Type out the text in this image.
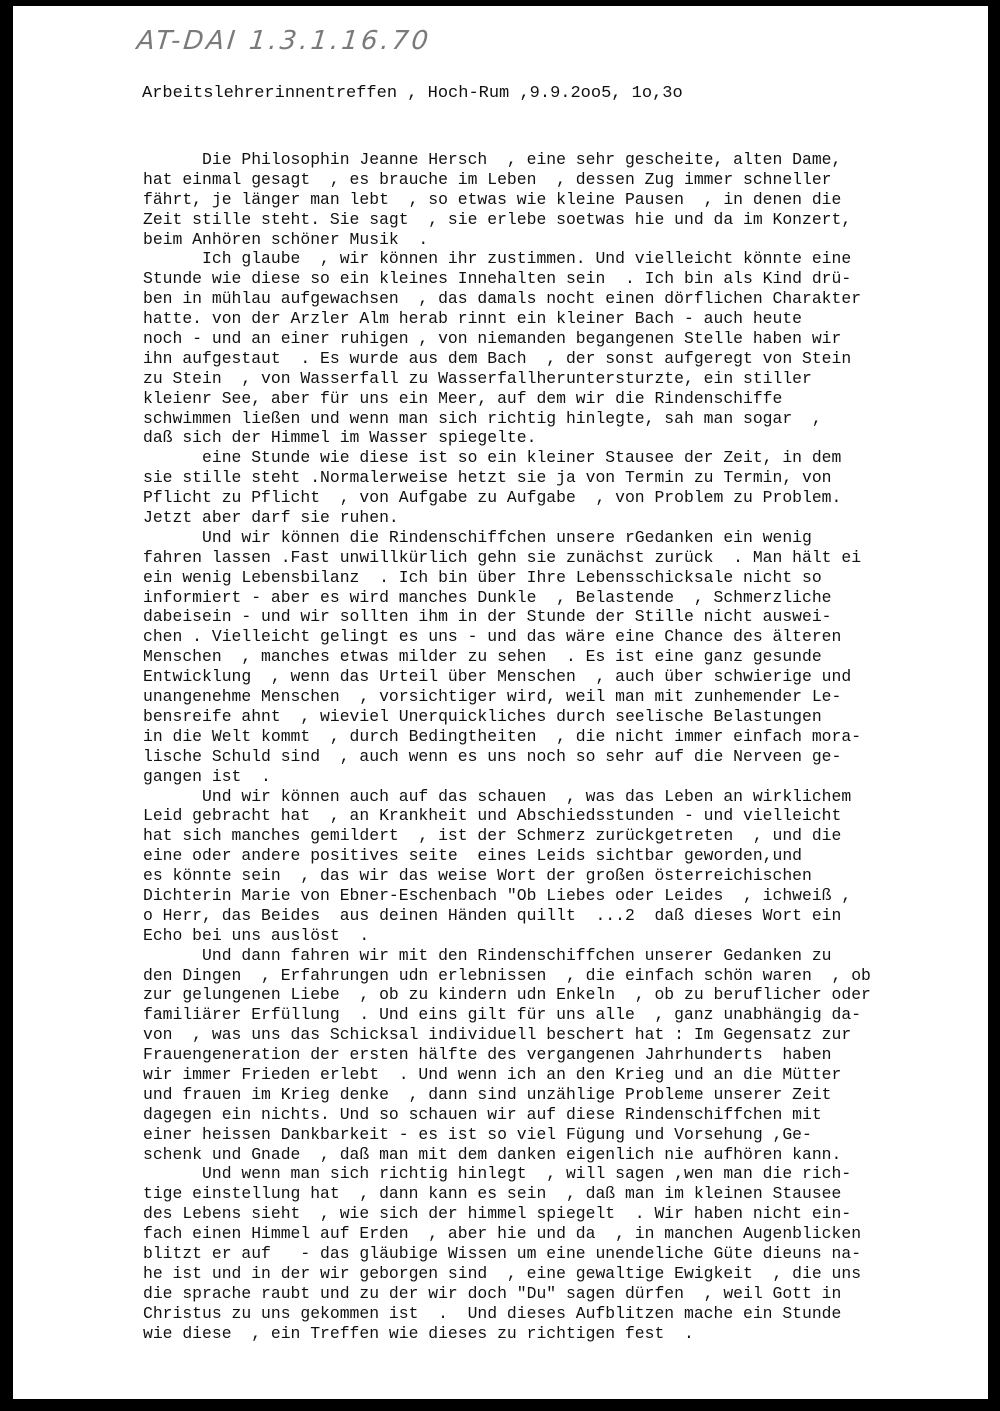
AT-DAI 1.3.1.16.70
Arbeitslehrerinnentreffen , Hoch-Rum ,9.9.2oo5, 1o,3o
Die Philosophin Jeanne Hersch  , eine sehr gescheite, alten Dame,
hat einmal gesagt  , es brauche im Leben  , dessen Zug immer schneller
fährt, je länger man lebt  , so etwas wie kleine Pausen  , in denen die
Zeit stille steht. Sie sagt  , sie erlebe soetwas hie und da im Konzert,
beim Anhören schöner Musik  .
Ich glaube  , wir können ihr zustimmen. Und vielleicht könnte eine
Stunde wie diese so ein kleines Innehalten sein  . Ich bin als Kind drü-
ben in mühlau aufgewachsen  , das damals nocht einen dörflichen Charakter
hatte. von der Arzler Alm herab rinnt ein kleiner Bach - auch heute
noch - und an einer ruhigen , von niemanden begangenen Stelle haben wir
ihn aufgestaut  . Es wurde aus dem Bach  , der sonst aufgeregt von Stein
zu Stein  , von Wasserfall zu Wasserfallheruntersturzte, ein stiller
kleienr See, aber für uns ein Meer, auf dem wir die Rindenschiffe
schwimmen ließen und wenn man sich richtig hinlegte, sah man sogar  ,
daß sich der Himmel im Wasser spiegelte.
eine Stunde wie diese ist so ein kleiner Stausee der Zeit, in dem
sie stille steht .Normalerweise hetzt sie ja von Termin zu Termin, von
Pflicht zu Pflicht  , von Aufgabe zu Aufgabe  , von Problem zu Problem.
Jetzt aber darf sie ruhen.
Und wir können die Rindenschiffchen unsere rGedanken ein wenig
fahren lassen .Fast unwillkürlich gehn sie zunächst zurück  . Man hält ei
ein wenig Lebensbilanz  . Ich bin über Ihre Lebensschicksale nicht so
informiert - aber es wird manches Dunkle  , Belastende  , Schmerzliche
dabeisein - und wir sollten ihm in der Stunde der Stille nicht auswei-
chen . Vielleicht gelingt es uns - und das wäre eine Chance des älteren
Menschen  , manches etwas milder zu sehen  . Es ist eine ganz gesunde
Entwicklung  , wenn das Urteil über Menschen  , auch über schwierige und
unangenehme Menschen  , vorsichtiger wird, weil man mit zunhemender Le-
bensreife ahnt  , wieviel Unerquickliches durch seelische Belastungen
in die Welt kommt  , durch Bedingtheiten  , die nicht immer einfach mora-
lische Schuld sind  , auch wenn es uns noch so sehr auf die Nerveen ge-
gangen ist  .
Und wir können auch auf das schauen  , was das Leben an wirklichem
Leid gebracht hat  , an Krankheit und Abschiedsstunden - und vielleicht
hat sich manches gemildert  , ist der Schmerz zurückgetreten  , und die
eine oder andere positives seite  eines Leids sichtbar geworden,und
es könnte sein  , das wir das weise Wort der großen österreichischen
Dichterin Marie von Ebner-Eschenbach "Ob Liebes oder Leides  , ichweiß ,
o Herr, das Beides  aus deinen Händen quillt  ...2  daß dieses Wort ein
Echo bei uns auslöst  .
Und dann fahren wir mit den Rindenschiffchen unserer Gedanken zu
den Dingen  , Erfahrungen udn erlebnissen  , die einfach schön waren  , ob
zur gelungenen Liebe  , ob zu kindern udn Enkeln  , ob zu beruflicher oder
familiärer Erfüllung  . Und eins gilt für uns alle  , ganz unabhängig da-
von  , was uns das Schicksal individuell beschert hat : Im Gegensatz zur
Frauengeneration der ersten hälfte des vergangenen Jahrhunderts  haben
wir immer Frieden erlebt  . Und wenn ich an den Krieg und an die Mütter
und frauen im Krieg denke  , dann sind unzählige Probleme unserer Zeit
dagegen ein nichts. Und so schauen wir auf diese Rindenschiffchen mit
einer heissen Dankbarkeit - es ist so viel Fügung und Vorsehung ,Ge-
schenk und Gnade  , daß man mit dem danken eigenlich nie aufhören kann.
Und wenn man sich richtig hinlegt  , will sagen ,wen man die rich-
tige einstellung hat  , dann kann es sein  , daß man im kleinen Stausee
des Lebens sieht  , wie sich der himmel spiegelt  . Wir haben nicht ein-
fach einen Himmel auf Erden  , aber hie und da  , in manchen Augenblicken
blitzt er auf   - das gläubige Wissen um eine unendeliche Güte dieuns na-
he ist und in der wir geborgen sind  , eine gewaltige Ewigkeit  , die uns
die sprache raubt und zu der wir doch "Du" sagen dürfen  , weil Gott in
Christus zu uns gekommen ist  .  Und dieses Aufblitzen mache ein Stunde
wie diese  , ein Treffen wie dieses zu richtigen fest  .
